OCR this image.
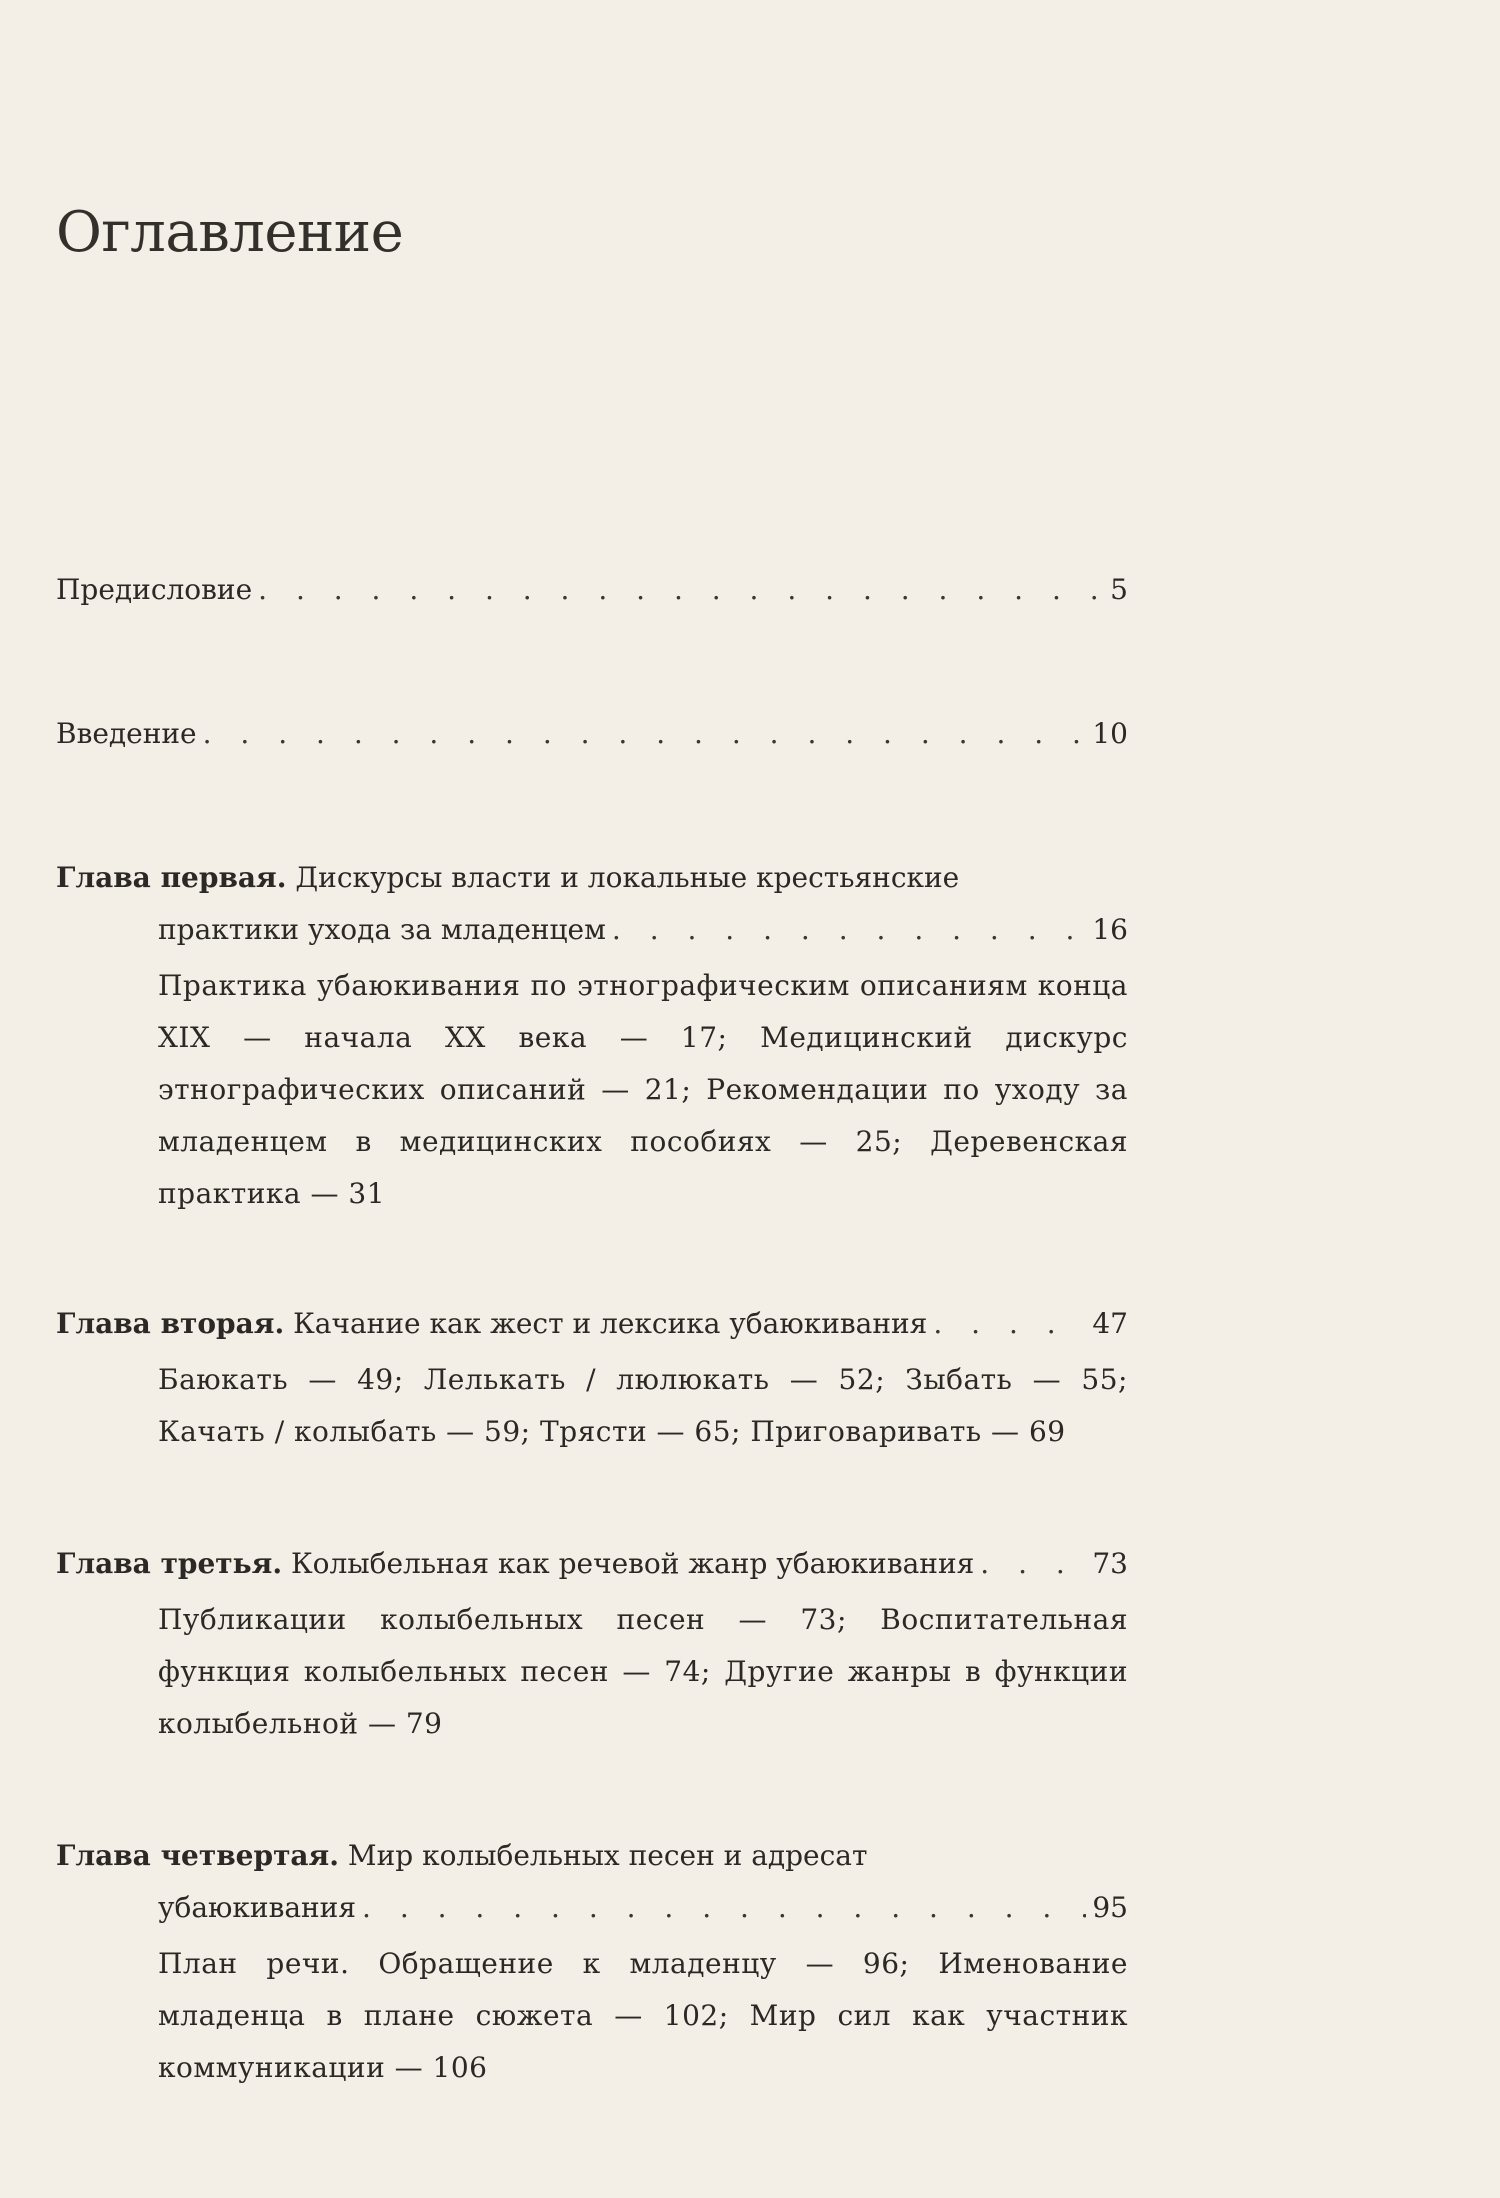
Оглавление
Предисловие . . .	5
Введение . . .	10
Глава первая. Дискурсы власти и локальные крестьянские
практики ухода за младенцем . . .	16
Практика убаюкивания по этнографическим описаниям конца XIX — начала XX века — 17; Медицинский дискурс этнографических описаний — 21; Рекомендации по уходу за младенцем в медицинских пособиях — 25; Деревенская практика — 31
Глава вторая. Качание как жест и лексика убаюкивания . . .	47
Баюкать — 49; Лелькать / люлюкать — 52; Зыбать — 55; Качать / колыбать — 59; Трясти — 65; Приговаривать — 69
Глава третья. Колыбельная как речевой жанр убаюкивания . . .	73
Публикации колыбельных песен — 73; Воспитательная функция колыбельных песен — 74; Другие жанры в функции колыбельной — 79
Глава четвертая. Мир колыбельных песен и адресат
убаюкивания . . .	95
План речи. Обращение к младенцу — 96; Именование младенца в плане сюжета — 102; Мир сил как участник коммуникации — 106
